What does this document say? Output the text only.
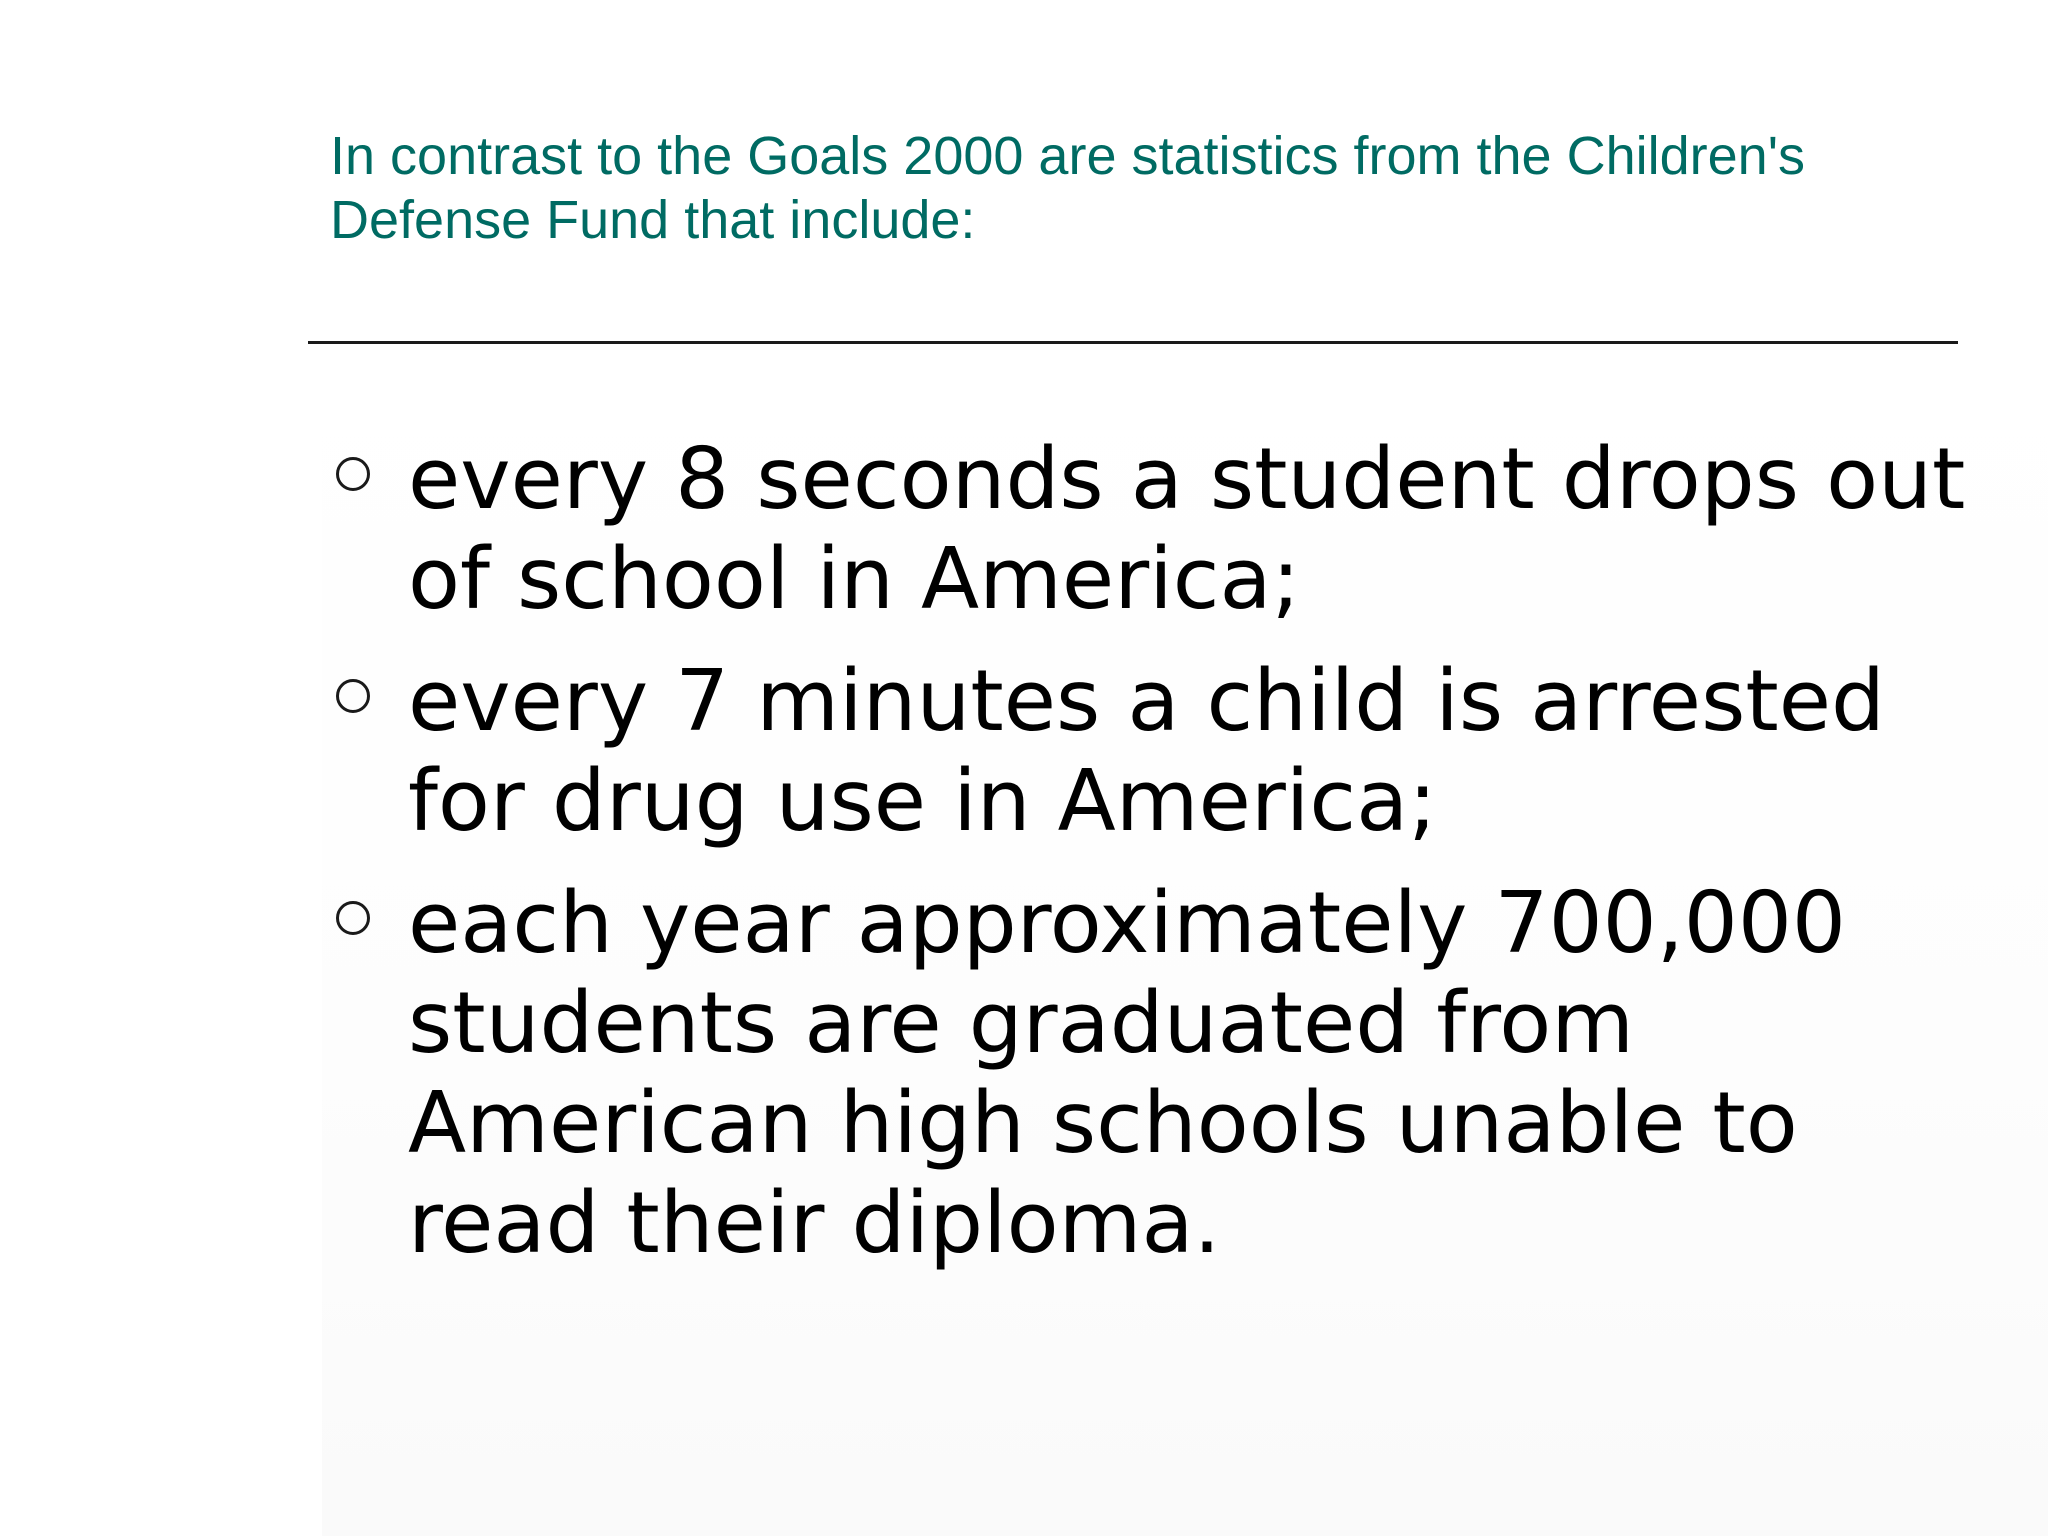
In contrast to the Goals 2000 are statistics from the Children's Defense Fund that include:
every 8 seconds a student drops out of school in America;
every 7 minutes a child is arrested for drug use in America;
each year approximately 700,000 students are graduated from American high schools unable to read their diploma.
